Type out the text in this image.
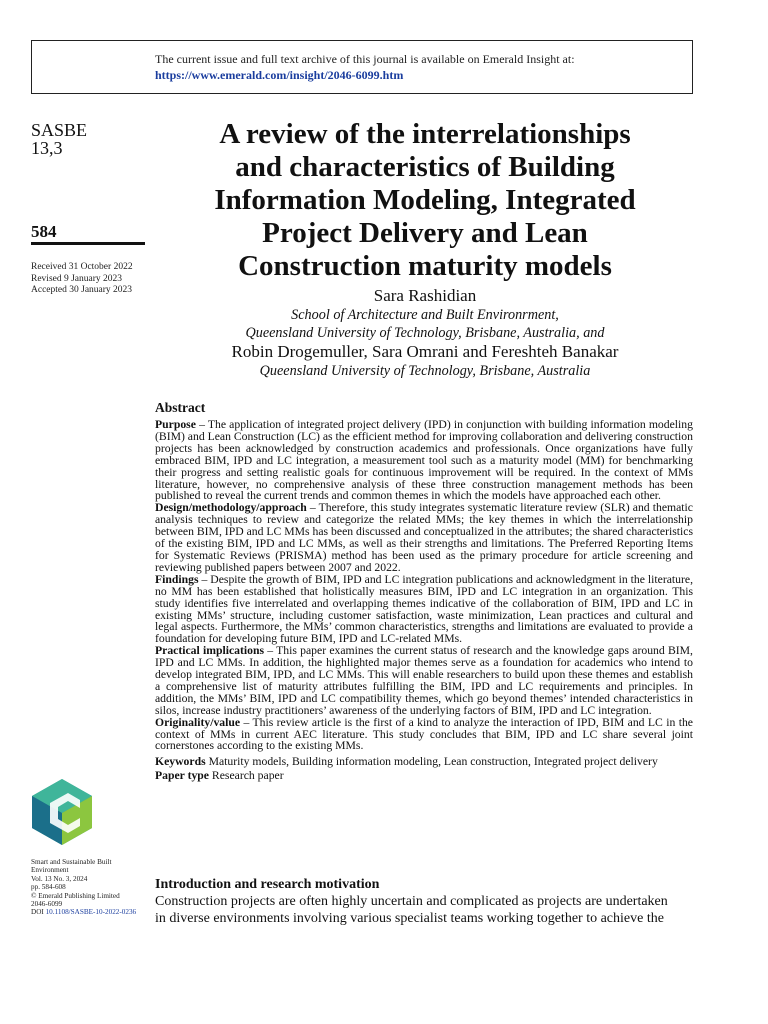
The current issue and full text archive of this journal is available on Emerald Insight at:
https://www.emerald.com/insight/2046-6099.htm
SASBE
13,3
584
Received 31 October 2022
Revised 9 January 2023
Accepted 30 January 2023
A review of the interrelationships
and characteristics of Building
Information Modeling, Integrated
Project Delivery and Lean
Construction maturity models
Sara Rashidian
School of Architecture and Built Environrment,
Queensland University of Technology, Brisbane, Australia, and
Robin Drogemuller, Sara Omrani and Fereshteh Banakar
Queensland University of Technology, Brisbane, Australia
Abstract

Purpose – The application of integrated project delivery (IPD) in conjunction with building information modeling (BIM) and Lean Construction (LC) as the efficient method for improving collaboration and delivering construction projects has been acknowledged by construction academics and professionals. Once organizations have fully embraced BIM, IPD and LC integration, a measurement tool such as a maturity model (MM) for benchmarking their progress and setting realistic goals for continuous improvement will be required. In the context of MMs literature, however, no comprehensive analysis of these three construction management methods has been published to reveal the current trends and common themes in which the models have approached each other.

Design/methodology/approach – Therefore, this study integrates systematic literature review (SLR) and thematic analysis techniques to review and categorize the related MMs; the key themes in which the interrelationship between BIM, IPD and LC MMs has been discussed and conceptualized in the attributes; the shared characteristics of the existing BIM, IPD and LC MMs, as well as their strengths and limitations. The Preferred Reporting Items for Systematic Reviews (PRISMA) method has been used as the primary procedure for article screening and reviewing published papers between 2007 and 2022.

Findings – Despite the growth of BIM, IPD and LC integration publications and acknowledgment in the literature, no MM has been established that holistically measures BIM, IPD and LC integration in an organization. This study identifies five interrelated and overlapping themes indicative of the collaboration of BIM, IPD and LC in existing MMs’ structure, including customer satisfaction, waste minimization, Lean practices and cultural and legal aspects. Furthermore, the MMs’ common characteristics, strengths and limitations are evaluated to provide a foundation for developing future BIM, IPD and LC-related MMs.

Practical implications – This paper examines the current status of research and the knowledge gaps around BIM, IPD and LC MMs. In addition, the highlighted major themes serve as a foundation for academics who intend to develop integrated BIM, IPD, and LC MMs. This will enable researchers to build upon these themes and establish a comprehensive list of maturity attributes fulfilling the BIM, IPD and LC requirements and principles. In addition, the MMs’ BIM, IPD and LC compatibility themes, which go beyond themes’ intended characteristics in silos, increase industry practitioners’ awareness of the underlying factors of BIM, IPD and LC integration.

Originality/value – This review article is the first of a kind to analyze the interaction of IPD, BIM and LC in the context of MMs in current AEC literature. This study concludes that BIM, IPD and LC share several joint cornerstones according to the existing MMs.

Keywords Maturity models, Building information modeling, Lean construction, Integrated project delivery

Paper type Research paper

Introduction and research motivation
Construction projects are often highly uncertain and complicated as projects are undertaken
in diverse environments involving various specialist teams working together to achieve the
Smart and Sustainable Built
Environment
Vol. 13 No. 3, 2024
pp. 584-608
© Emerald Publishing Limited
2046-6099
DOI 10.1108/SASBE-10-2022-0236
